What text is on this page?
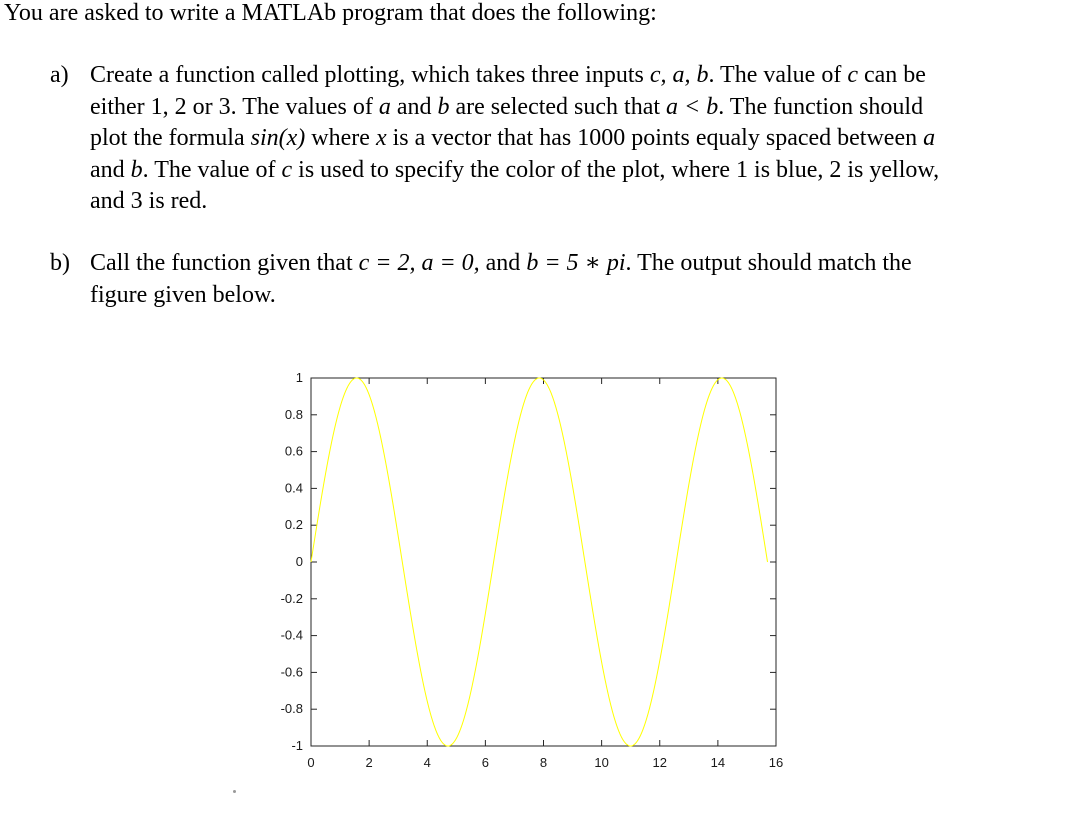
You are asked to write a MATLAb program that does the following:
a) Create a function called plotting, which takes three inputs c, a, b. The value of c can be
either 1, 2 or 3. The values of a and b are selected such that a < b. The function should
plot the formula sin(x) where x is a vector that has 1000 points equaly spaced between a
and b. The value of c is used to specify the color of the plot, where 1 is blue, 2 is yellow,
and 3 is red.
b) Call the function given that c = 2, a = 0, and b = 5 ∗ pi. The output should match the
figure given below.
-1
-0.8
-0.6
-0.4
-0.2
0
0.2
0.4
0.6
0.8
1
0	2	4	6	8	10	12	14	16
